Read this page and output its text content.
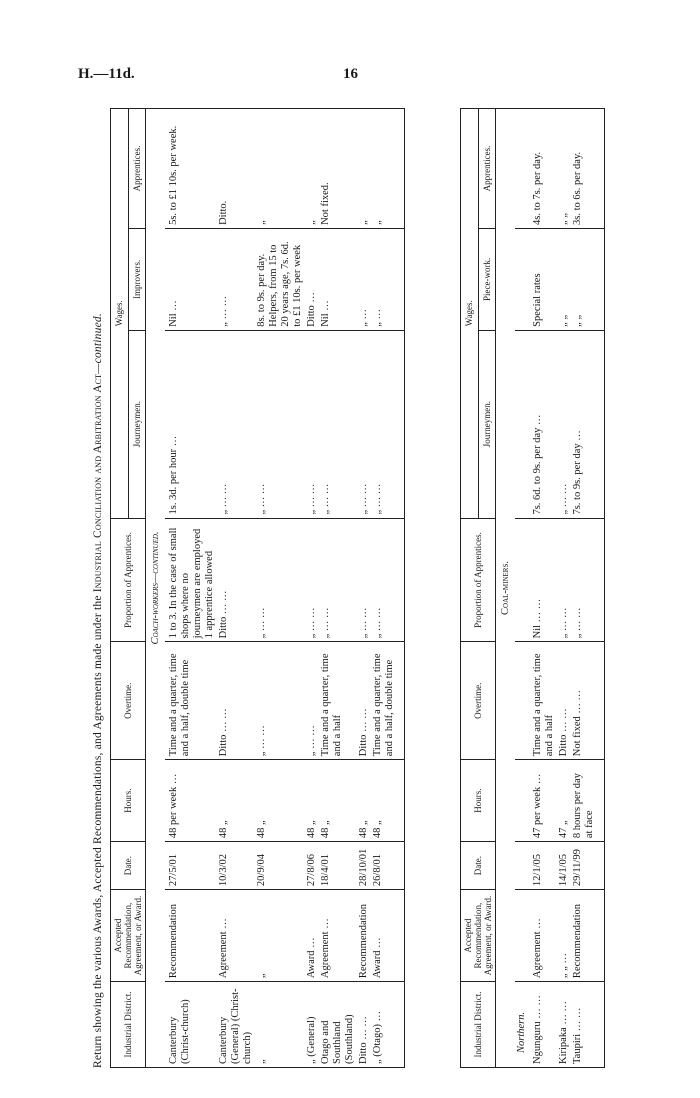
H.—11d.	16
Return showing the various Awards, Accepted Recommendations, and Agreements made under the Industrial Conciliation and Arbitration Act—continued.
Industrial District.	Accepted Recommendation, Agreement, or Award.	Date.	Hours.	Overtime.	Proportion of Apprentices.	Wages.		
						Journeymen.	Improvers.	Apprentices.
Coach-workers—continued.								
Canterbury (Christ-church)	Recommendation	27/5/01	48 per week …	Time and a quarter, time and a half, double time	1 to 3. In the case of small shops where no journeymen are employed 1 apprentice allowed	1s. 3d. per hour …	Nil …	5s. to £1 10s. per week.
Canterbury (General) (Christ-church)	Agreement …	10/3/02	48 „	Ditto … …	Ditto … …	„ … …	„ … …	Ditto.
„	„	20/9/04	48 „	„ … …	„ … …	„ … …	8s. to 9s. per day. Helpers, from 15 to 20 years age, 7s. 6d. to £1 10s. per week	„
„ (General)	Award …	27/8/06	48 „	„ … …	„ … …	„ … …	Ditto …	„
Otago and Southland (Southland)	Agreement …	18/4/01	48 „	Time and a quarter, time and a half	„ … …	„ … …	Nil …	Not fixed.
Ditto … …	Recommendation	28/10/01	48 „	Ditto … …	„ … …	„ … …	„ …	„
„ (Otago) …	Award …	26/8/01	48 „	Time and a quarter, time and a half, double time	„ … …	„ … …	„ …	„
Industrial District.	Accepted Recommendation, Agreement, or Award.	Date.	Hours.	Overtime.	Proportion of Apprentices.	Wages.		
						Journeymen.	Piece-work.	Apprentices.
Coal-miners.								
Northern.								
Ngunguru … …	Agreement …	12/1/05	47 per week …	Time and a quarter, time and a half	Nil … …	7s. 6d. to 9s. per day …	Special rates	4s. to 7s. per day.
Kiripaka … …	„ „ …	14/1/05	47 „	Ditto … …	„ … …	„ … …	„ „	„ „
Taupiri … …	Recommendation	29/11/99	8 hours per day at face	Not fixed … …	„ … …	7s. to 9s. per day …	„ „	3s. to 6s. per day.
